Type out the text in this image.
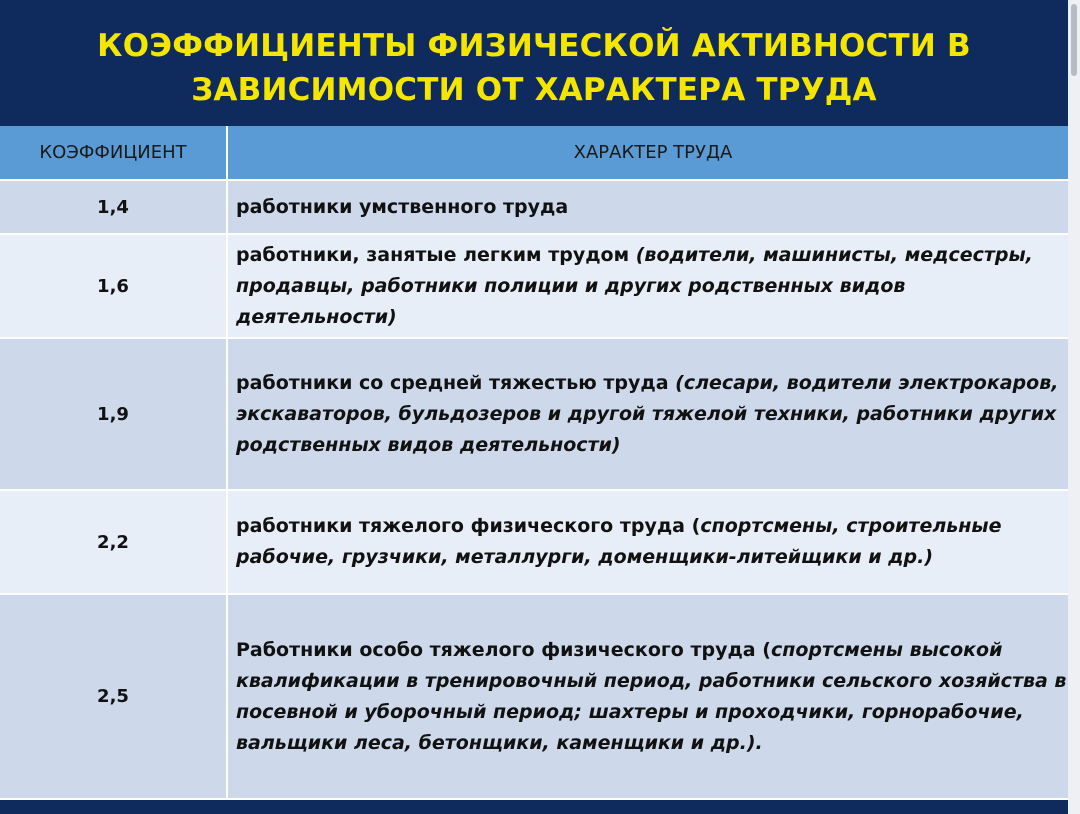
КОЭФФИЦИЕНТЫ ФИЗИЧЕСКОЙ АКТИВНОСТИ В
ЗАВИСИМОСТИ ОТ ХАРАКТЕРА ТРУДА
КОЭФФИЦИЕНТ	ХАРАКТЕР ТРУДА
1,4	работники умственного труда

1,6	работники, занятые легким трудом (водители, машинисты, медсестры, продавцы, работники полиции и других родственных видов деятельности)

1,9	работники со средней тяжестью труда (слесари, водители электрокаров, экскаваторов, бульдозеров и другой тяжелой техники, работники других родственных видов деятельности)

2,2	работники тяжелого физического труда (спортсмены, строительные рабочие, грузчики, металлурги, доменщики-литейщики и др.)

2,5	Работники особо тяжелого физического труда (спортсмены высокой квалификации в тренировочный период, работники сельского хозяйства в посевной и уборочный период; шахтеры и проходчики, горнорабочие, вальщики леса, бетонщики, каменщики и др.).
